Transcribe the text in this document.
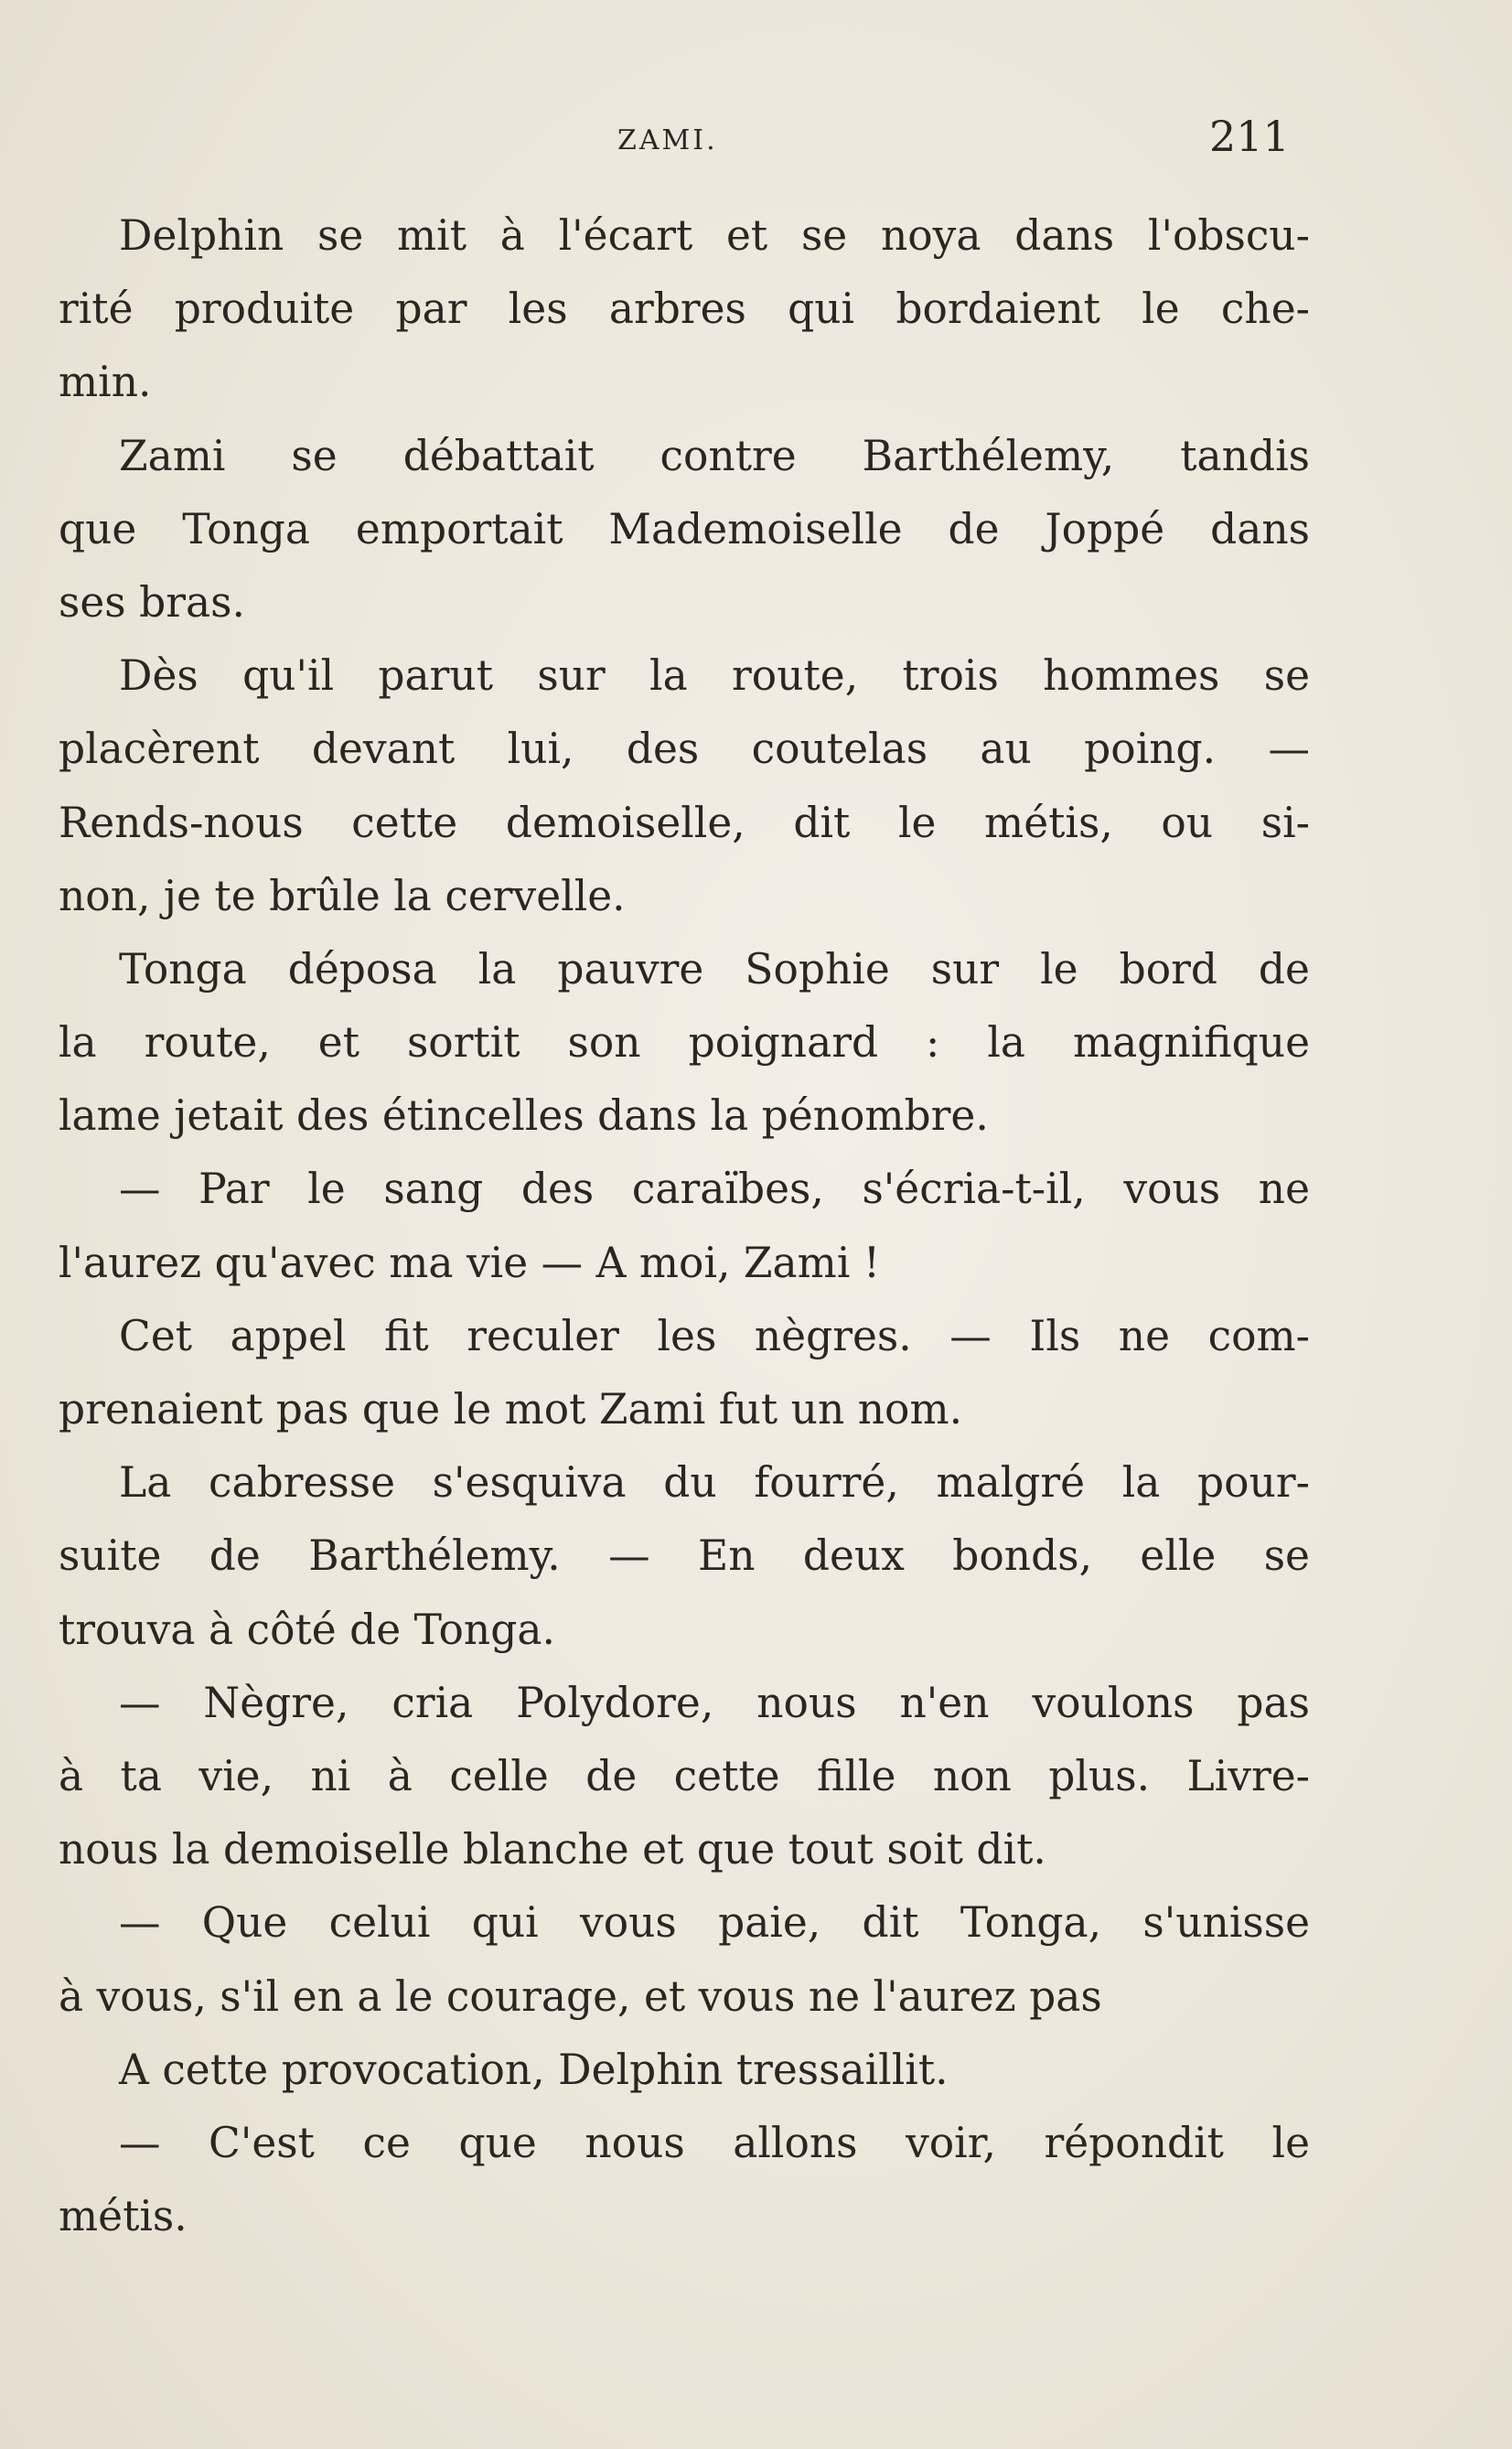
ZAMI.	211
Delphin se mit à l'écart et se noya dans l'obscu-
rité produite par les arbres qui bordaient le che-
min.
Zami se débattait contre Barthélemy, tandis
que Tonga emportait Mademoiselle de Joppé dans
ses bras.
Dès qu'il parut sur la route, trois hommes se
placèrent devant lui, des coutelas au poing. —
Rends-nous cette demoiselle, dit le métis, ou si-
non, je te brûle la cervelle.
Tonga déposa la pauvre Sophie sur le bord de
la route, et sortit son poignard : la magnifique
lame jetait des étincelles dans la pénombre.
— Par le sang des caraïbes, s'écria-t-il, vous ne
l'aurez qu'avec ma vie — A moi, Zami !
Cet appel fit reculer les nègres. — Ils ne com-
prenaient pas que le mot Zami fut un nom.
La cabresse s'esquiva du fourré, malgré la pour-
suite de Barthélemy. — En deux bonds, elle se
trouva à côté de Tonga.
— Nègre, cria Polydore, nous n'en voulons pas
à ta vie, ni à celle de cette fille non plus. Livre-
nous la demoiselle blanche et que tout soit dit.
— Que celui qui vous paie, dit Tonga, s'unisse
à vous, s'il en a le courage, et vous ne l'aurez pas
A cette provocation, Delphin tressaillit.
— C'est ce que nous allons voir, répondit le
métis.
